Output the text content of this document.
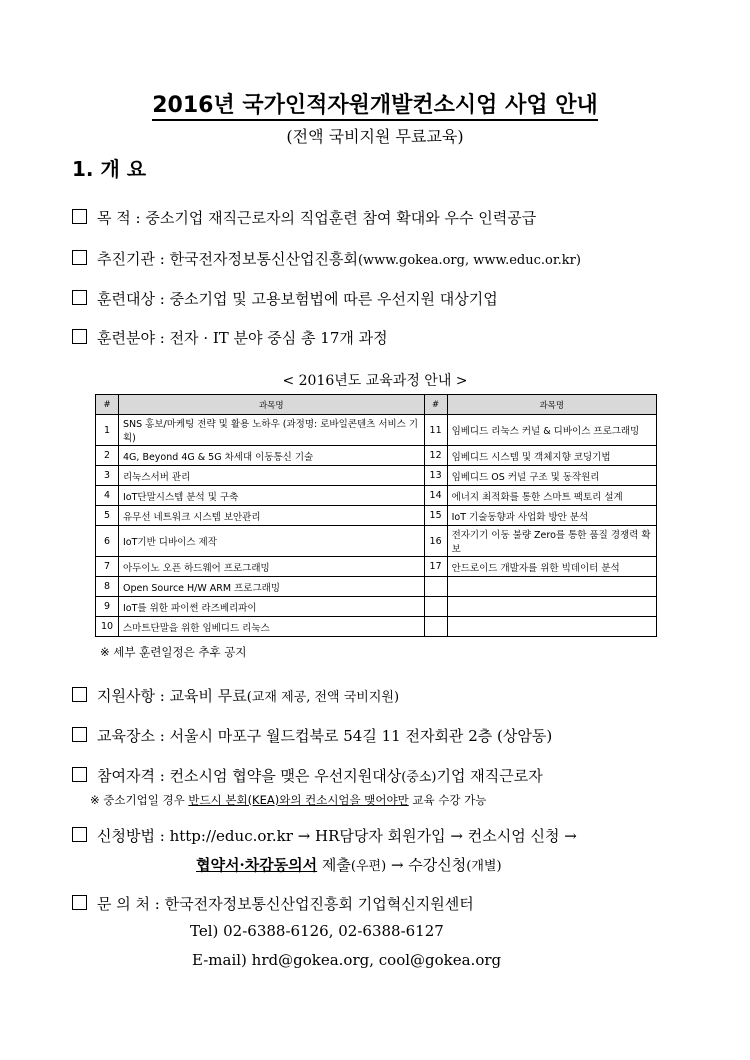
2016년 국가인적자원개발컨소시엄 사업 안내
(전액 국비지원 무료교육)
1. 개 요
목 적 : 중소기업 재직근로자의 직업훈련 참여 확대와 우수 인력공급
추진기관 : 한국전자정보통신산업진흥회(www.gokea.org, www.educ.or.kr)
훈련대상 : 중소기업 및 고용보험법에 따른 우선지원 대상기업
훈련분야 : 전자 · IT 분야 중심 총 17개 과정
< 2016년도 교육과정 안내 >
#	과목명	#	과목명
1	SNS 홍보/마케팅 전략 및 활용 노하우 (과정명: 로바일콘텐츠 서비스 기획)	11	임베디드 리눅스 커널 & 디바이스 프로그래밍
2	4G, Beyond 4G & 5G 차세대 이동통신 기술	12	임베디드 시스템 및 객체지향 코딩기법
3	리눅스서버 관리	13	임베디드 OS 커널 구조 및 동작원리
4	IoT단말시스템 분석 및 구축	14	에너지 최적화를 통한 스마트 팩토리 설계
5	유무선 네트워크 시스템 보안관리	15	IoT 기술동향과 사업화 방안 분석
6	IoT기반 디바이스 제작	16	전자기기 이동 불량 Zero를 통한 품질 경쟁력 확보
7	아두이노 오픈 하드웨어 프로그래밍	17	안드로이드 개발자를 위한 빅데이터 분석
8	Open Source H/W ARM 프로그래밍		
9	IoT를 위한 파이썬 라즈베리파이		
10	스마트단말을 위한 임베디드 리눅스		
※ 세부 훈련일정은 추후 공지
지원사항 : 교육비 무료(교재 제공, 전액 국비지원)
교육장소 : 서울시 마포구 월드컵북로 54길 11 전자회관 2층 (상암동)
참여자격 : 컨소시엄 협약을 맺은 우선지원대상(중소)기업 재직근로자
※ 중소기업일 경우 반드시 본회(KEA)와의 컨소시엄을 맺어야만 교육 수강 가능
신청방법 : http://educ.or.kr → HR담당자 회원가입 → 컨소시엄 신청 →
협약서·차감동의서 제출(우편) → 수강신청(개별)
문 의 처 : 한국전자정보통신산업진흥회 기업혁신지원센터
Tel) 02-6388-6126, 02-6388-6127
E-mail) hrd@gokea.org, cool@gokea.org
